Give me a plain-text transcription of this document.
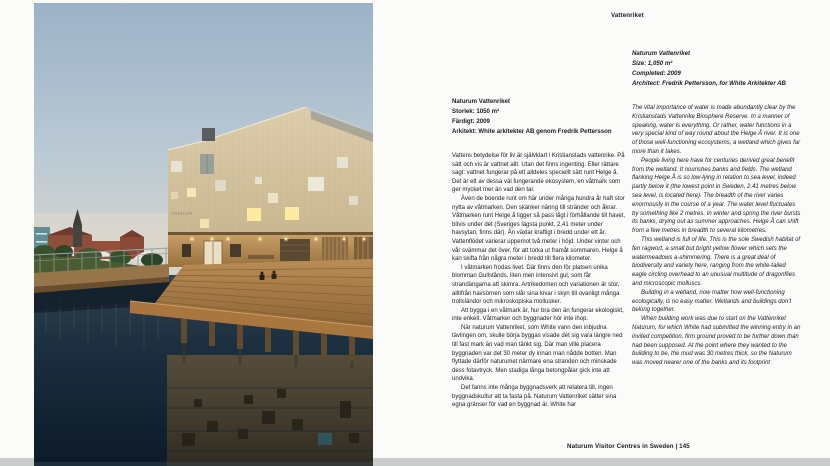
Vattenriket
naturum
Naturum Vattenriket
Storlek: 1050 m²
Färdigt: 2009
Arkitekt: White arkitekter AB genom Fredrik Pettersson

Vattens betydelse för liv är självklart i Kristianstads vattenrike. På sätt och vis är vattnet allt. Utan det finns ingenting. Eller rättare sagt: vattnet fungerar på ett alldeles speciellt sätt runt Helge å. Det är ett av dessa väl fungerande ekosystem, en våtmark som ger mycket mer än vad den tar.

Även de boende runt om här under många hundra år haft stor nytta av våtmarken. Den skänker näring till stränder och åkrar. Våtmarken runt Helge å ligger så pass lågt i förhållande till havet, bitvis under det (Sveriges lägsta punkt, 2,41 meter under havsytan, finns där). Ån växlar kraftigt i bredd under ett år. Vattenflödet varierar uppemot två meter i höjd. Under vinter och vår svämmar det över, för att torka ut framåt sommaren. Helge å kan skifta från några meter i bredd till flera kilometer.

I våtmarken frodas livet. Där finns den för platsen unika blomman Gullstånds, liten men intensivt gul, som får strandängarna att skimra. Artrikedomen och variationen är stor, alltifrån havsörnen som slår sina lovar i skyn till ovanligt många trollsländor och mikroskopiska mollusker.

Att bygga i en våtmark är, hur bra den än fungerar ekologiskt, inte enkelt. Våtmarker och byggnader hör inte ihop.

När naturum Vattenriket, som White vann den inbjudna tävlingen om, skulle börja byggas visade det sig vara längre ned till fast mark än vad man tänkt sig. Där man ville placera byggnaden var det 30 meter dy innan man nådde botten. Man flyttade därför naturumet närmare ena stranden och minskade dess fotavtryck. Men stadiga långa betongpålar gick inte att undvika.

Det fanns inte många byggnadsverk att relatera till, ingen byggnadskultur att ta fasta på. Naturum Vattenriket sätter sina egna gränser för vad en byggnad är. White har

Naturum Vattenriket
Size: 1,050 m²
Completed: 2009
Architect: Fredrik Pettersson, for White Arkitekter AB

The vital importance of water is made abundantly clear by the Kristianstads Vattenrike Biosphere Reserve. In a manner of speaking, water is everything. Or rather, water functions in a very special kind of way round about the Helge Å river. It is one of those well-functioning ecosystems, a wetland which gives far more than it takes.

People living here have for centuries derived great benefit from the wetland. It nourishes banks and fields. The wetland flanking Helge Å is so low-lying in relation to sea level, indeed partly below it (the lowest point in Sweden, 2.41 metres below sea level, is located here). The breadth of the river varies enormously in the course of a year. The water level fluctuates by something like 2 metres. In winter and spring the river bursts its banks, drying out as summer approaches. Helge Å can shift from a few metres in breadth to several kilometres.

This wetland is full of life. This is the sole Swedish habitat of fen ragwort, a small but bright yellow flower which sets the watermeadows a-shimmering. There is a great deal of biodiversity and variety here, ranging from the white-tailed eagle circling overhead to an unusual multitude of dragonflies and microscopic molluscs.

Building in a wetland, now matter how well-functioning ecologically, is no easy matter. Wetlands and buildings don't belong together.

When building work was due to start on the Vattenriket Naturum, for which White had submitted the winning entry in an invited competition, firm ground proved to be further down than had been supposed. At the point where they wanted to the building to be, the mud was 30 metres thick, so the Naturum was moved nearer one of the banks and its footprint

Naturum Visitor Centres in Sweden | 145
